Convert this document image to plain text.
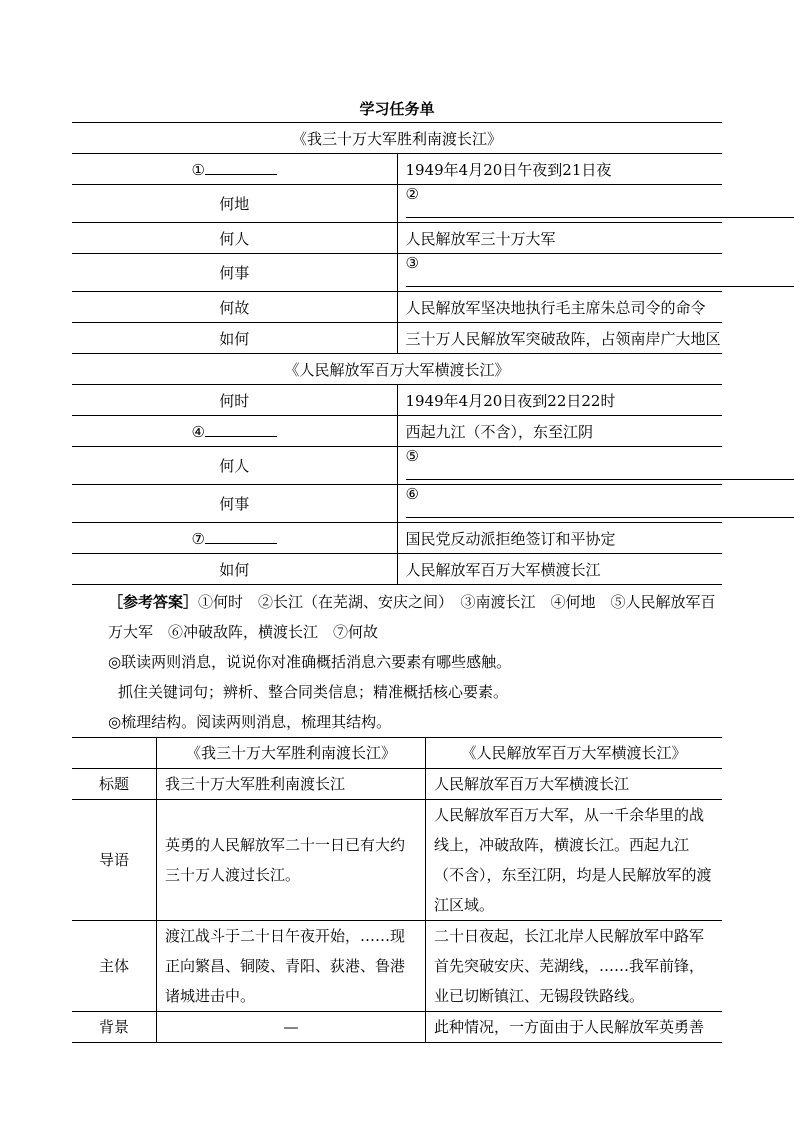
学习任务单
《我三十万大军胜利南渡长江》	
①	1949年4月20日午夜到21日夜
何地	②
何人	人民解放军三十万大军
何事	③
何故	人民解放军坚决地执行毛主席朱总司令的命令
如何	三十万人民解放军突破敌阵，占领南岸广大地区
《人民解放军百万大军横渡长江》	
何时	1949年4月20日夜到22日22时
④	西起九江（不含），东至江阴
何人	⑤
何事	⑥
⑦	国民党反动派拒绝签订和平协定
如何	人民解放军百万大军横渡长江
［参考答案］①何时　②长江（在芜湖、安庆之间）　③南渡长江　④何地　⑤人民解放军百万大军　⑥冲破敌阵，横渡长江　⑦何故
◎联读两则消息，说说你对准确概括消息六要素有哪些感触。
抓住关键词句；辨析、整合同类信息；精准概括核心要素。
◎梳理结构。阅读两则消息，梳理其结构。
	《我三十万大军胜利南渡长江》	《人民解放军百万大军横渡长江》
标题	我三十万大军胜利南渡长江	人民解放军百万大军横渡长江
导语	英勇的人民解放军二十一日已有大约三十万人渡过长江。	人民解放军百万大军，从一千余华里的战线上，冲破敌阵，横渡长江。西起九江（不含），东至江阴，均是人民解放军的渡江区域。
主体	渡江战斗于二十日午夜开始，……现正向繁昌、铜陵、青阳、荻港、鲁港诸城进击中。	二十日夜起，长江北岸人民解放军中路军首先突破安庆、芜湖线，……我军前锋，业已切断镇江、无锡段铁路线。
背景	—	此种情况，一方面由于人民解放军英勇善
